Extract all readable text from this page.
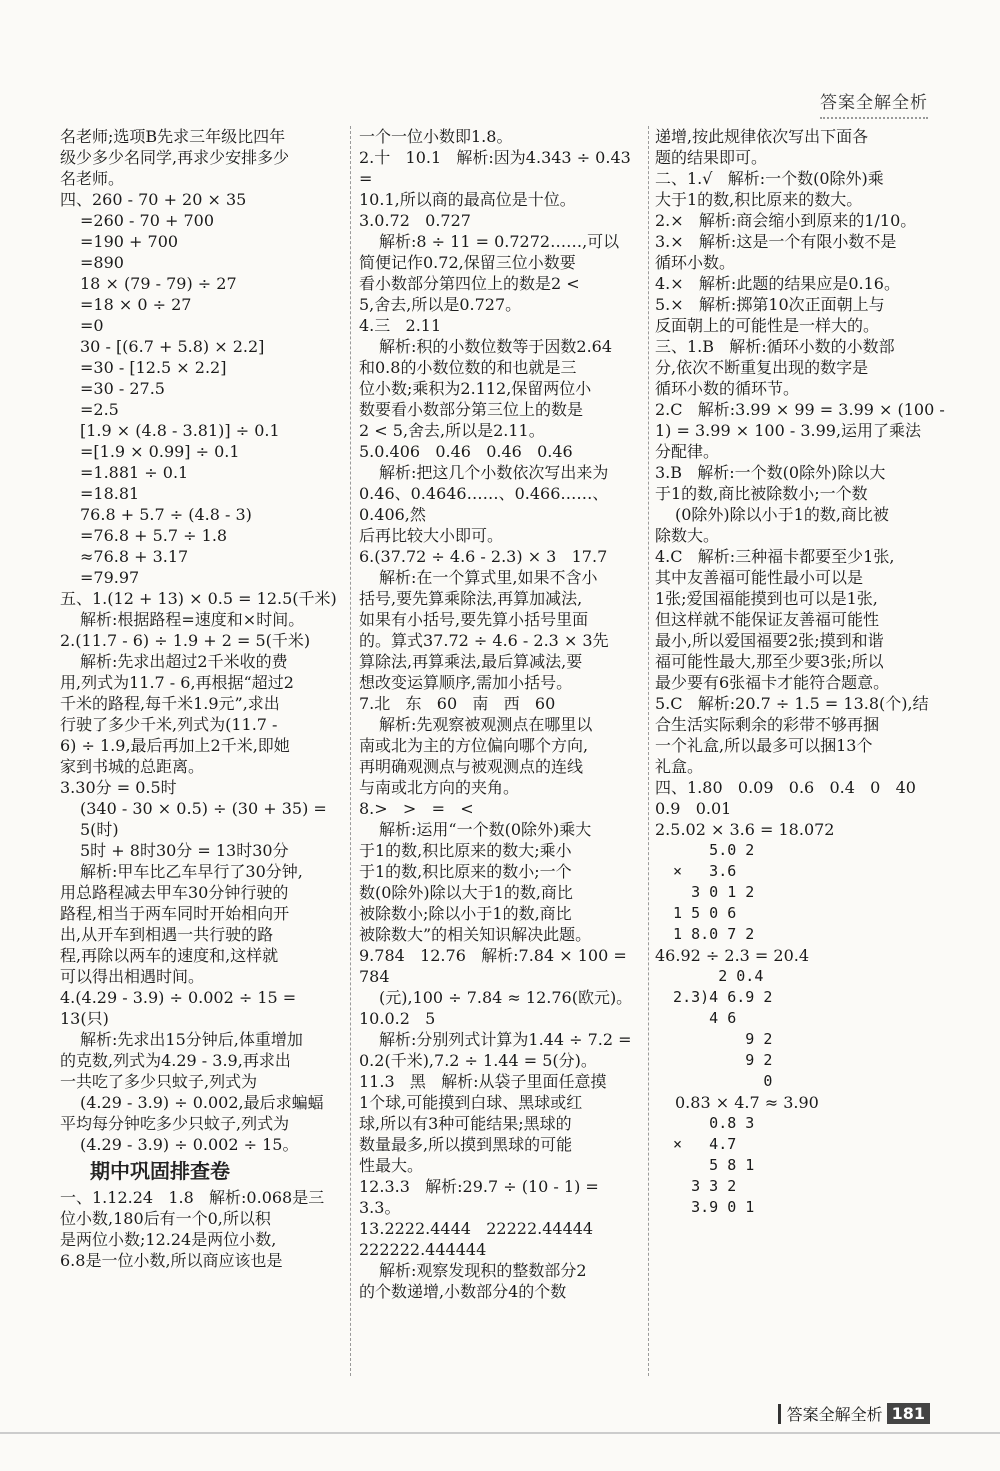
答案全解全析
名老师;选项B先求三年级比四年
级少多少名同学,再求少安排多少
名老师。
四、260 - 70 + 20 × 35
=260 - 70 + 700
=190 + 700
=890
18 × (79 - 79) ÷ 27
=18 × 0 ÷ 27
=0
30 - [(6.7 + 5.8) × 2.2]
=30 - [12.5 × 2.2]
=30 - 27.5
=2.5
[1.9 × (4.8 - 3.81)] ÷ 0.1
=[1.9 × 0.99] ÷ 0.1
=1.881 ÷ 0.1
=18.81
76.8 + 5.7 ÷ (4.8 - 3)
=76.8 + 5.7 ÷ 1.8
≈76.8 + 3.17
=79.97
五、1.(12 + 13) × 0.5 = 12.5(千米)
解析:根据路程=速度和×时间。
2.(11.7 - 6) ÷ 1.9 + 2 = 5(千米)
解析:先求出超过2千米收的费
用,列式为11.7 - 6,再根据“超过2
千米的路程,每千米1.9元”,求出
行驶了多少千米,列式为(11.7 -
6) ÷ 1.9,最后再加上2千米,即她
家到书城的总距离。
3.30分 = 0.5时
(340 - 30 × 0.5) ÷ (30 + 35) = 5(时)
5时 + 8时30分 = 13时30分
解析:甲车比乙车早行了30分钟,
用总路程减去甲车30分钟行驶的
路程,相当于两车同时开始相向开
出,从开车到相遇一共行驶的路
程,再除以两车的速度和,这样就
可以得出相遇时间。
4.(4.29 - 3.9) ÷ 0.002 ÷ 15 = 13(只)
解析:先求出15分钟后,体重增加
的克数,列式为4.29 - 3.9,再求出
一共吃了多少只蚊子,列式为
(4.29 - 3.9) ÷ 0.002,最后求蝙蝠
平均每分钟吃多少只蚊子,列式为
(4.29 - 3.9) ÷ 0.002 ÷ 15。
期中巩固排查卷
一、1.12.24   1.8   解析:0.068是三
位小数,180后有一个0,所以积
是两位小数;12.24是两位小数,
6.8是一位小数,所以商应该也是
一个一位小数即1.8。
2.十   10.1   解析:因为4.343 ÷ 0.43 =
10.1,所以商的最高位是十位。
3.0.72   0.727
解析:8 ÷ 11 = 0.7272……,可以
简便记作0.72,保留三位小数要
看小数部分第四位上的数是2 <
5,舍去,所以是0.727。
4.三   2.11
解析:积的小数位数等于因数2.64
和0.8的小数位数的和也就是三
位小数;乘积为2.112,保留两位小
数要看小数部分第三位上的数是
2 < 5,舍去,所以是2.11。
5.0.406   0.46   0.46   0.46
解析:把这几个小数依次写出来为
0.46、0.4646……、0.466……、0.406,然
后再比较大小即可。
6.(37.72 ÷ 4.6 - 2.3) × 3   17.7
解析:在一个算式里,如果不含小
括号,要先算乘除法,再算加减法,
如果有小括号,要先算小括号里面
的。算式37.72 ÷ 4.6 - 2.3 × 3先
算除法,再算乘法,最后算减法,要
想改变运算顺序,需加小括号。
7.北   东   60   南   西   60
解析:先观察被观测点在哪里以
南或北为主的方位偏向哪个方向,
再明确观测点与被观测点的连线
与南或北方向的夹角。
8.>   >   =   <
解析:运用“一个数(0除外)乘大
于1的数,积比原来的数大;乘小
于1的数,积比原来的数小;一个
数(0除外)除以大于1的数,商比
被除数小;除以小于1的数,商比
被除数大”的相关知识解决此题。
9.784   12.76   解析:7.84 × 100 = 784
(元),100 ÷ 7.84 ≈ 12.76(欧元)。
10.0.2   5
解析:分别列式计算为1.44 ÷ 7.2 =
0.2(千米),7.2 ÷ 1.44 = 5(分)。
11.3   黑   解析:从袋子里面任意摸
1个球,可能摸到白球、黑球或红
球,所以有3种可能结果;黑球的
数量最多,所以摸到黑球的可能
性最大。
12.3.3   解析:29.7 ÷ (10 - 1) = 3.3。
13.2222.4444   22222.44444
222222.444444
解析:观察发现积的整数部分2
的个数递增,小数部分4的个数
递增,按此规律依次写出下面各
题的结果即可。
二、1.√   解析:一个数(0除外)乘
大于1的数,积比原来的数大。
2.×   解析:商会缩小到原来的1/10。
3.×   解析:这是一个有限小数不是
循环小数。
4.×   解析:此题的结果应是0.16。
5.×   解析:掷第10次正面朝上与
反面朝上的可能性是一样大的。
三、1.B   解析:循环小数的小数部
分,依次不断重复出现的数字是
循环小数的循环节。
2.C   解析:3.99 × 99 = 3.99 × (100 -
1) = 3.99 × 100 - 3.99,运用了乘法
分配律。
3.B   解析:一个数(0除外)除以大
于1的数,商比被除数小;一个数
(0除外)除以小于1的数,商比被
除数大。
4.C   解析:三种福卡都要至少1张,
其中友善福可能性最小可以是
1张;爱国福能摸到也可以是1张,
但这样就不能保证友善福可能性
最小,所以爱国福要2张;摸到和谐
福可能性最大,那至少要3张;所以
最少要有6张福卡才能符合题意。
5.C   解析:20.7 ÷ 1.5 = 13.8(个),结
合生活实际剩余的彩带不够再捆
一个礼盒,所以最多可以捆13个
礼盒。
四、1.80   0.09   0.6   0.4   0   40
0.9   0.01
2.5.02 × 3.6 = 18.072
5.0 2
×   3.6
3 0 1 2
1 5 0 6
1 8.0 7 2
46.92 ÷ 2.3 = 20.4
2 0.4
2.3)4 6.9 2
4 6
9 2
9 2
0
0.83 × 4.7 ≈ 3.90
0.8 3
×   4.7
5 8 1
3 3 2
3.9 0 1
答案全解全析 181
